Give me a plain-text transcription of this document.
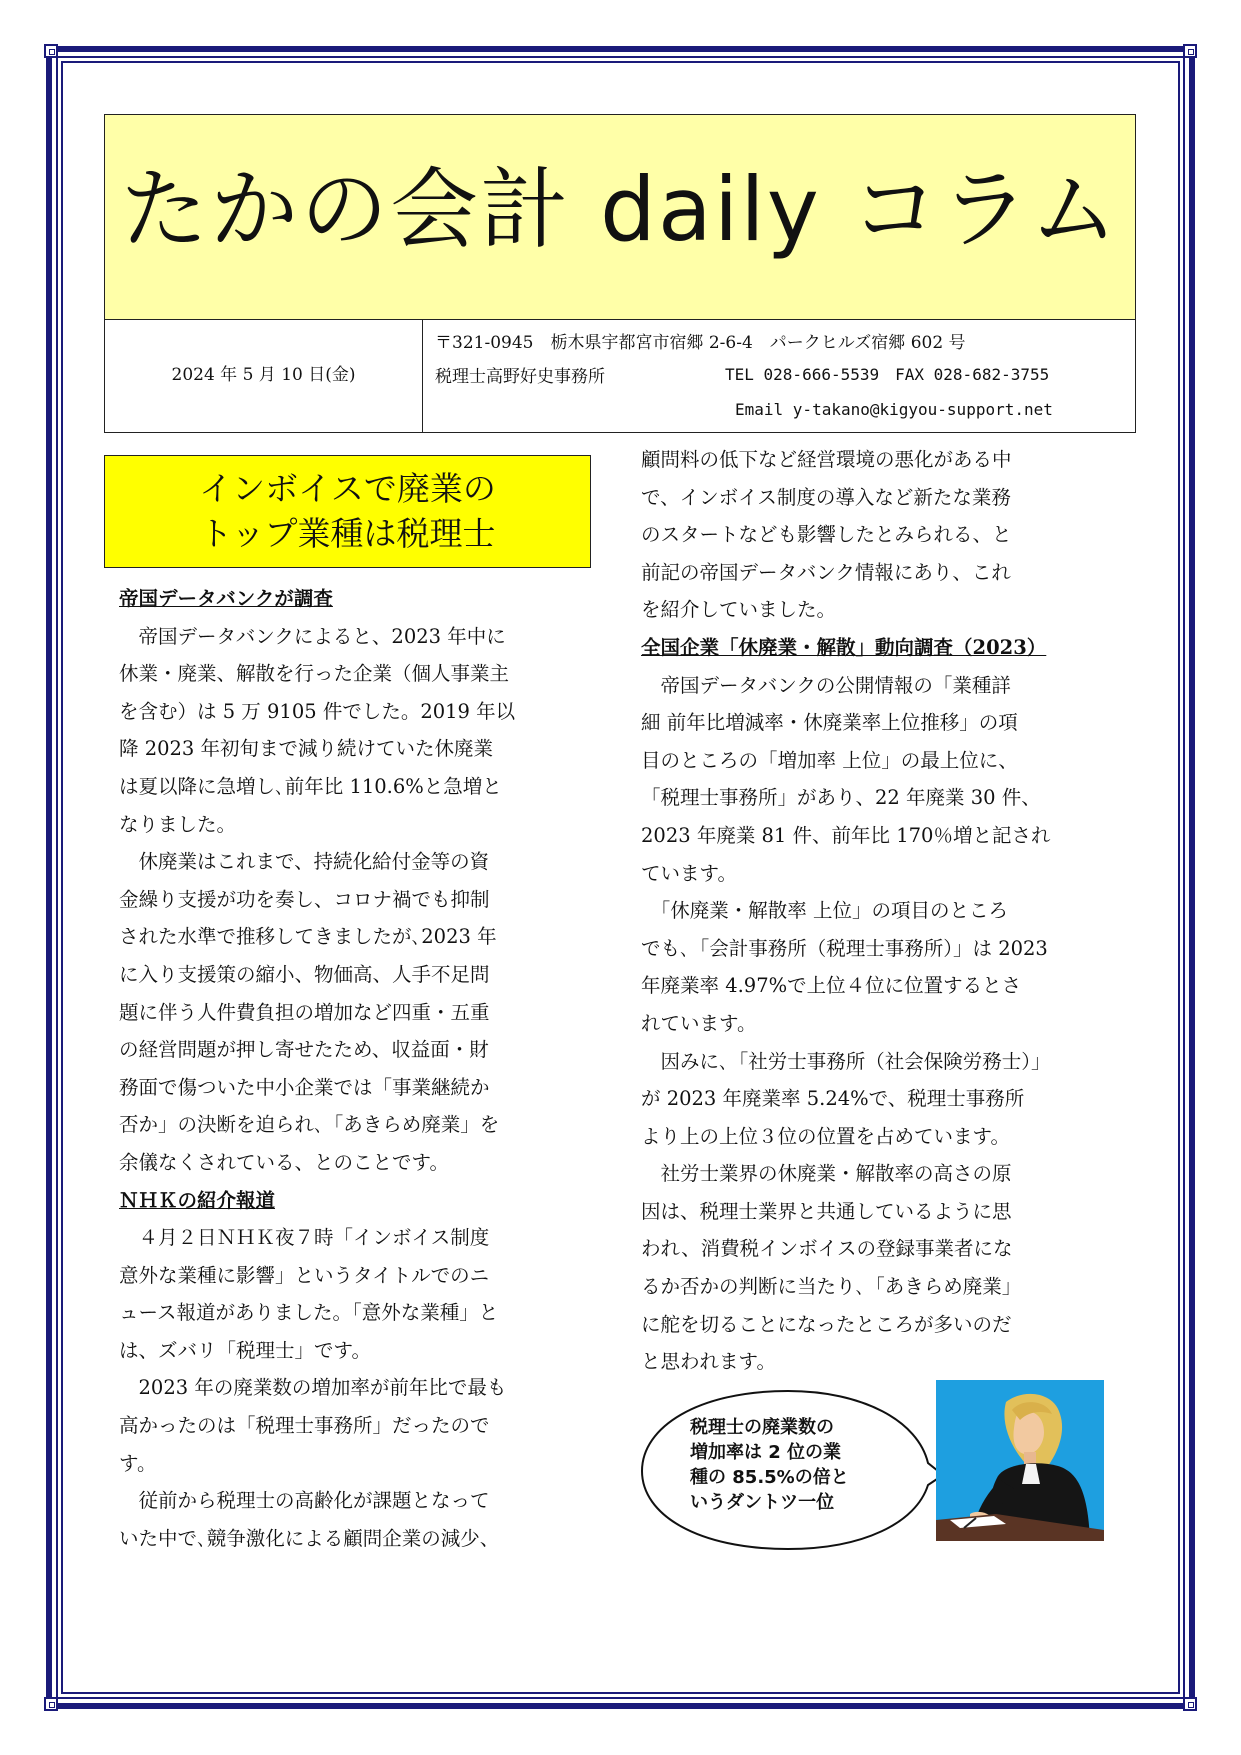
たかの会計 daily コラム
2024 年 5 月 10 日(金)
〒321-0945　栃木県宇都宮市宿郷 2-6-4　パークヒルズ宿郷 602 号
税理士高野好史事務所	TEL 028-666-5539　FAX 028-682-3755
Email y-takano@kigyou-support.net
インボイスで廃業の
トップ業種は税理士
帝国データバンクが調査
　帝国データバンクによると、2023 年中に
休業・廃業、解散を行った企業（個人事業主
を含む）は 5 万 9105 件でした。2019 年以
降 2023 年初旬まで減り続けていた休廃業
は夏以降に急増し､前年比 110.6%と急増と
なりました。
　休廃業はこれまで、持続化給付金等の資
金繰り支援が功を奏し、コロナ禍でも抑制
された水準で推移してきましたが､2023 年
に入り支援策の縮小、物価高、人手不足問
題に伴う人件費負担の増加など四重・五重
の経営問題が押し寄せたため、収益面・財
務面で傷ついた中小企業では「事業継続か
否か」の決断を迫られ､「あきらめ廃業」を
余儀なくされている、とのことです。
ＮＨＫの紹介報道
　４月２日ＮＨＫ夜７時「インボイス制度
意外な業種に影響」というタイトルでのニ
ュース報道がありました。「意外な業種」と
は、ズバリ「税理士」です。
　2023 年の廃業数の増加率が前年比で最も
高かったのは「税理士事務所」だったので
す。
　従前から税理士の高齢化が課題となって
いた中で､競争激化による顧問企業の減少、
顧問料の低下など経営環境の悪化がある中
で、インボイス制度の導入など新たな業務
のスタートなども影響したとみられる、と
前記の帝国データバンク情報にあり、これ
を紹介していました。
全国企業「休廃業・解散」動向調査（2023）
　帝国データバンクの公開情報の「業種詳
細 前年比増減率・休廃業率上位推移」の項
目のところの「増加率 上位」の最上位に、
「税理士事務所」があり、22 年廃業 30 件、
2023 年廃業 81 件、前年比 170％増と記され
ています。
　「休廃業・解散率 上位」の項目のところ
でも､「会計事務所（税理士事務所）」は 2023
年廃業率 4.97%で上位４位に位置するとさ
れています。
　因みに､「社労士事務所（社会保険労務士）」
が 2023 年廃業率 5.24%で、税理士事務所
より上の上位３位の位置を占めています。
　社労士業界の休廃業・解散率の高さの原
因は、税理士業界と共通しているように思
われ、消費税インボイスの登録事業者にな
るか否かの判断に当たり､「あきらめ廃業」
に舵を切ることになったところが多いのだ
と思われます。
税理士の廃業数の
増加率は 2 位の業
種の 85.5%の倍と
いうダントツ一位
